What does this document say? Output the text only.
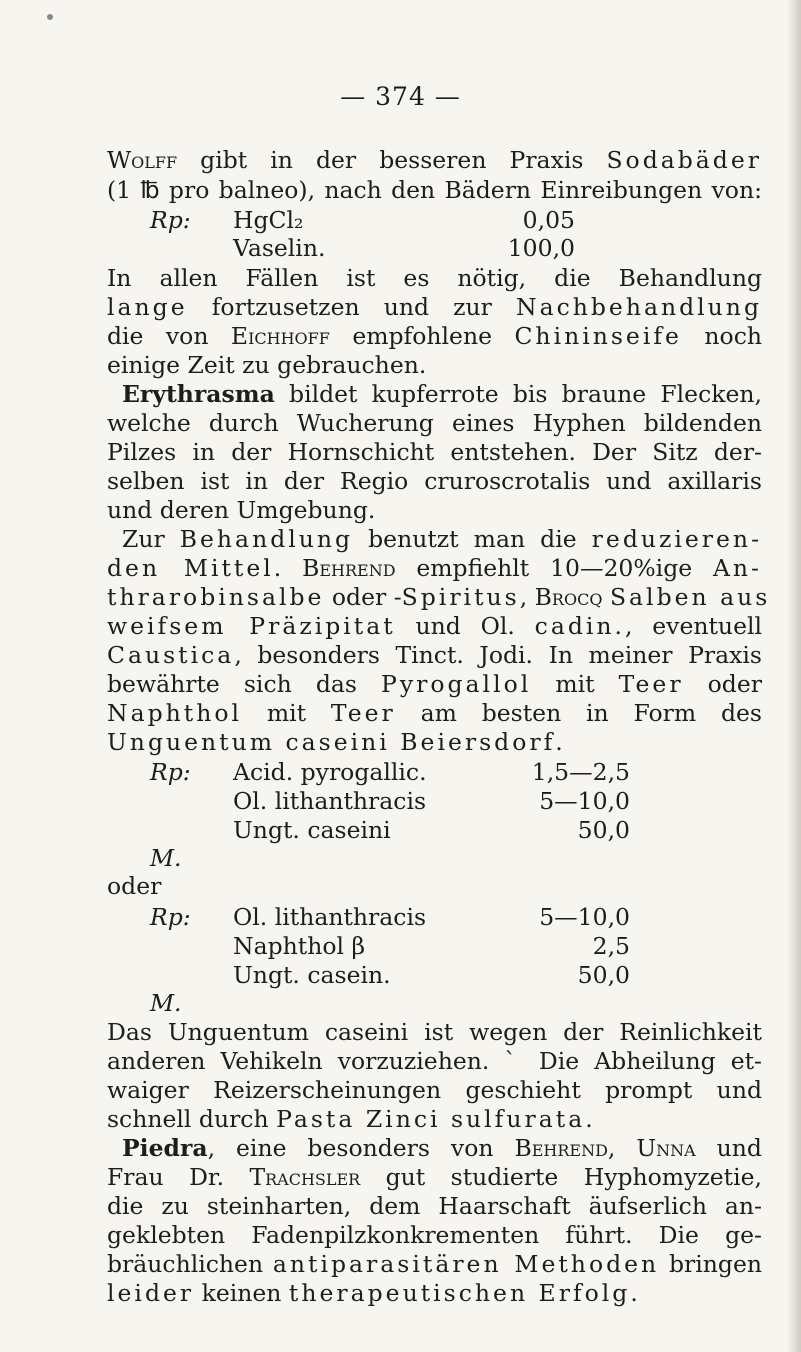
— 374 —
Wolff gibt in der besseren Praxis Sodabäder
(1 ℔ pro balneo), nach den Bädern Einreibungen von:
Rp: HgCl₂	0,05
Vaselin.	100,0
In allen Fällen ist es nötig, die Behandlung
lange fortzusetzen und zur Nachbehandlung
die von Eichhoff empfohlene Chininseife noch
einige Zeit zu gebrauchen.
Erythrasma bildet kupferrote bis braune Flecken,
welche durch Wucherung eines Hyphen bildenden
Pilzes in der Hornschicht entstehen. Der Sitz der-
selben ist in der Regio cruroscrotalis und axillaris
und deren Umgebung.
Zur Behandlung benutzt man die reduzieren-
den Mittel. Behrend empfiehlt 10—20%ige An-
thrarobinsalbe oder -Spiritus, Brocq Salben aus
weifsem Präzipitat und Ol. cadin., eventuell
Caustica, besonders Tinct. Jodi. In meiner Praxis
bewährte sich das Pyrogallol mit Teer oder
Naphthol mit Teer am besten in Form des
Unguentum caseini Beiersdorf.
Rp: Acid. pyrogallic.	1,5—2,5
Ol. lithanthracis	5—10,0
Ungt. caseini	50,0
M.
oder
Rp: Ol. lithanthracis	5—10,0
Naphthol β	2,5
Ungt. casein.	50,0
M.
Das Unguentum caseini ist wegen der Reinlichkeit
anderen Vehikeln vorzuziehen. ˋ Die Abheilung et-
waiger Reizerscheinungen geschieht prompt und
schnell durch Pasta Zinci sulfurata.
Piedra, eine besonders von Behrend, Unna und
Frau Dr. Trachsler gut studierte Hyphomyzetie,
die zu steinharten, dem Haarschaft äufserlich an-
geklebten Fadenpilzkonkrementen führt. Die ge-
bräuchlichen antiparasitären Methoden bringen
leider keinen therapeutischen Erfolg.
